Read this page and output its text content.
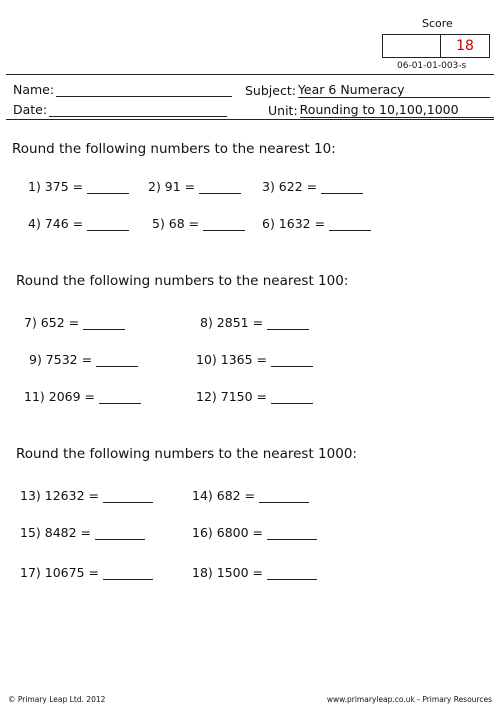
Score
18
06-01-01-003-s
Name:
Date:
Subject: Year 6 Numeracy
Unit: Rounding to 10,100,1000
Round the following numbers to the nearest 10:
1) 375 =	2) 91 =	3) 622 =
4) 746 =	5) 68 =	6) 1632 =
Round the following numbers to the nearest 100:
7) 652 =	8) 2851 =
9) 7532 =	10) 1365 =
11) 2069 =	12) 7150 =
Round the following numbers to the nearest 1000:
13) 12632 =	14) 682 =
15) 8482 =	16) 6800 =
17) 10675 =	18) 1500 =
© Primary Leap Ltd. 2012	www.primaryleap.co.uk - Primary Resources
